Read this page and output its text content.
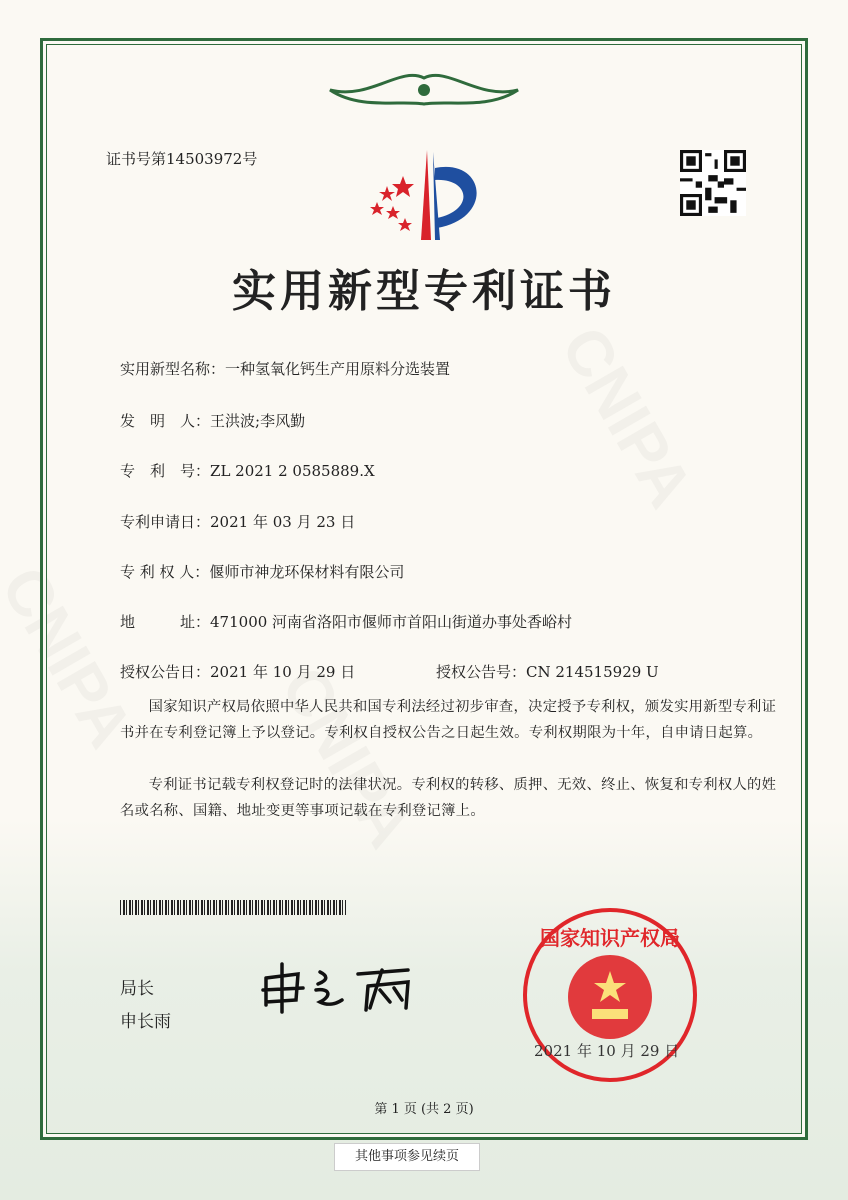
证书号第14503972号
实用新型专利证书
实用新型名称：一种氢氧化钙生产用原料分选装置
发　明　人：王洪波;李风勤
专　利　号：ZL 2021 2 0585889.X
专利申请日：2021 年 03 月 23 日
专 利 权 人：偃师市神龙环保材料有限公司
地　　　址：471000 河南省洛阳市偃师市首阳山街道办事处香峪村
授权公告日：2021 年 10 月 29 日	授权公告号：CN 214515929 U
国家知识产权局依照中华人民共和国专利法经过初步审查，决定授予专利权，颁发实用新型专利证书并在专利登记簿上予以登记。专利权自授权公告之日起生效。专利权期限为十年，自申请日起算。
专利证书记载专利权登记时的法律状况。专利权的转移、质押、无效、终止、恢复和专利权人的姓名或名称、国籍、地址变更等事项记载在专利登记簿上。
局长
申长雨
国家知识产权局
2021 年 10 月 29 日
第 1 页 (共 2 页)
其他事项参见续页
